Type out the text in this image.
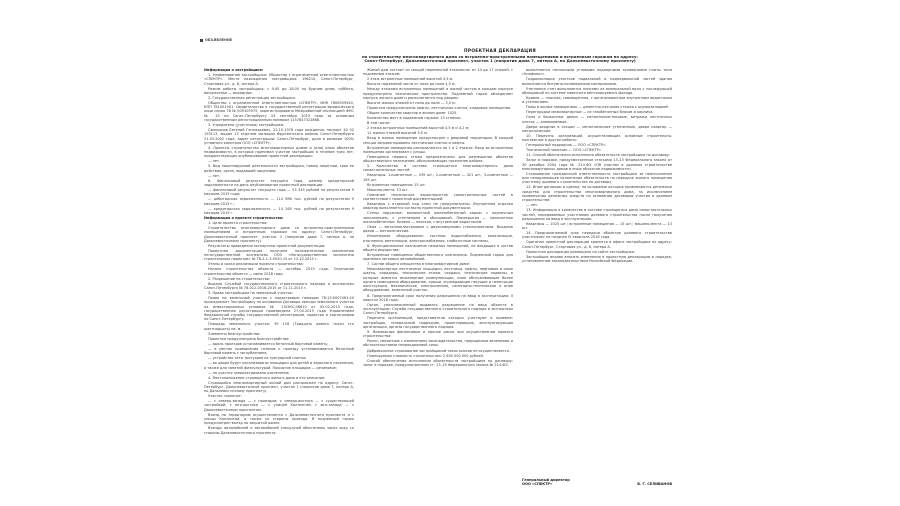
ОБЪЯВЛЕНИЕ
ПРОЕКТНАЯ ДЕКЛАРАЦИЯ
по строительству многоквартирного дома со встроенно-пристроенными помещениями и встроенным гаражом по адресу:
Санкт-Петербург, Дальневосточный проспект, участок 1 (напротив дома 7, литера А, по Дальневосточному проспекту)

Информация о застройщике:

1. Наименование застройщика: Общество с ограниченной ответственностью «СПЕКТР». Место нахождения застройщика: 196210, Санкт-Петербург, Стартовая ул., д. 8, литера А.

Режим работы застройщика: с 9.00 до 18.00 по будним дням, суббота, воскресенье — выходные.

2. Государственная регистрация застройщика.

Общество с ограниченной ответственностью «СПЕКТР», ИНН 7806559540, КПП 781001001. Свидетельство о государственной регистрации юридического лица серия 78 № 009103975, зарегистрировано Межрайонной инспекцией ФНС № 15 по Санкт-Петербургу 24 сентября 2015 года за основным государственным регистрационным номером 1157847322868.

3. Учредители (участники) застройщика:

Свиньянов Евгений Геннадьевич, 22.10.1976 года рождения, паспорт 40 02 193113, выдан 13 отделом милиции Фрунзенского района Санкт-Петербурга 21.03.2002 года, адрес регистрации: Санкт-Петербург, доля в размере 100% уставного капитала ООО «СПЕКТР».

4. Проекты строительства многоквартирных домов и (или) иных объектов недвижимости, в которых принимал участие застройщик в течение трех лет, предшествующих опубликованию проектной декларации:

— нет.

5. Вид лицензируемой деятельности застройщика, номер лицензии, срок ее действия, орган, выдавший лицензию:

— нет.

6. Финансовый результат текущего года, размер кредиторской задолженности на день опубликования проектной декларации:

— финансовый результат текущего года — 53 345 рублей по результатам 9 месяцев 2015 года;

— дебиторская задолженность — 114 986 тыс. рублей по результатам 9 месяцев 2015 г.;

— кредиторская задолженность — 14 265 тыс. рублей по результатам 9 месяцев 2015 г.

Информация о проекте строительства:

1. Цель проекта строительства:

Строительство многоквартирного дома со встроенно-пристроенными помещениями и встроенным гаражом по адресу: Санкт-Петербург, Дальневосточный проспект, участок 1 (напротив дома 7, литера А, по Дальневосточному проспекту).

Результаты проведения экспертизы проектной документации:

Проектная документация получила положительное заключение негосударственной экспертизы ООО «Негосударственная экспертиза строительных проектов» № 78-2-1-3-0020-15 от 12.10.2015 г.

Этапы и сроки реализации проекта строительства:

Начало строительства объекта — октябрь 2015 года. Окончание строительства объекта — июнь 2018 года.

2. Разрешение на строительство:

Выдано Службой государственного строительного надзора и экспертизы Санкт-Петербурга № 78-012-0516-2015 от 11.11.2015 г.

3. Права застройщика на земельный участок:

Право на земельный участок с кадастровым номером 78:13:0007461:20 принадлежит Застройщику на основании Договора аренды земельного участка на инвестиционных условиях № 15/ЗКС-08610 от 05.02.2015 года, государственная регистрация произведена 27.04.2015 года Управлением Федеральной службы государственной регистрации, кадастра и картографии по Санкт-Петербургу.

Площадь земельного участка: 39 116 (Тридцать девять тысяч сто шестнадцать) кв. м.

Элементы благоустройства:

Проектом предусмотрено благоустройство:

— вдоль проездов устанавливается бетонный бортовой камень;

— в местах примыкания газонов к проезду устанавливается бетонный бортовой камень с заглублением;

— устройство сети тротуаров из тротуарной плитки;

— во дворе будут организованы площадки для детей и взрослого населения, а также для занятий физкультурой. Покрытие площадок — резиновое;

— на участке запроектировано озеленение.

4. Местоположение строящегося жилого дома и его описание:

Строящийся многоквартирный жилой дом расположен по адресу: Санкт-Петербург, Дальневосточный проспект, участок 1 (напротив дома 7, литера А, по Дальневосточному проспекту).

Участок граничит:

— с северо-запада — с проездом; с северо-востока — с существующей застройкой; с юго-востока — с улицей Коллонтай; с юго-запада — с Дальневосточным проспектом.

Въезд на территорию осуществляется с Дальневосточного проспекта и с улицы Коллонтай, а также со стороны проезда. В подземный гараж предусмотрен въезд по закрытой рампе.

Въезды автомобилей и автомобилей спецслужб обеспечены через арку со стороны Дальневосточного проспекта.

Жилой дом состоит из секций переменной этажности: от 14 до 17 этажей, с подземным этажом.

2 этаж встроенных помещений высотой 4,5 м.

Высота подземной части от пола до пола 4,5 м.

Между этажами встроенных помещений и жилой частью в каждом корпусе предусмотрено техническое пространство. Подземный гараж объединяет корпуса жилого дома и располагается под двором.

Высота жилых этажей от пола до пола — 3,0 м.

Проектом предусмотрены лифты, лестничные клетки, кладовые помещения.

Общее количество квартир в жилом доме: 1025.

Количество мест в подземном гараже: 13 стоянок.

В том числе:

2 этажа встроенных помещений высотой 4,5 м и 4,2 м;

11 жилых этажей высотой 3,0 м.

Вход в жилые помещения предусмотрен с дворовой территории. В каждой секции запроектированы лестничные клетки и лифты.

Встроенные помещения располагаются на 1 и 2 этажах. Вход во встроенные помещения организован с улицы.

Помещения первого этажа предназначены для размещения объектов общественного назначения, обслуживающих население района.

5. Количество в составе строящегося многоквартирного дома самостоятельных частей:

Квартиры: 1-комнатные — 439 шт.; 2-комнатные — 421 шт.; 3-комнатные — 165 шт.

Встроенные помещения: 15 шт.

Машино-места: 13 шт.

Описание технических характеристик самостоятельных частей в соответствии с проектной документацией:

Квартиры с отделкой под ключ не предусмотрены. Внутренняя отделка квартир выполняется согласно проектной документации.

Стены наружные: монолитный железобетонный каркас с кирпичным заполнением, с утеплением и облицовкой. Перекрытия — монолитные железобетонные. Кровля — плоская, с внутренним водостоком.

Окна — металлопластиковые с двухкамерными стеклопакетами. Входные двери — металлические.

Инженерное оборудование: системы водоснабжения, канализации, отопления, вентиляции, электроснабжения, слаботочные системы.

6. Функциональное назначение нежилых помещений, не входящих в состав общего имущества:

Встроенные помещения общественного назначения. Подземный гараж для хранения легковых автомобилей.

7. Состав общего имущества в многоквартирном доме:

Межквартирные лестничные площадки, лестницы, лифты, лифтовые и иные шахты, коридоры, технические этажи, чердаки, технические подвалы, в которых имеются инженерные коммуникации, иное обслуживающее более одного помещения оборудование, крыши, ограждающие несущие и ненесущие конструкции, механическое, электрическое, санитарно-техническое и иное оборудование, земельный участок.

8. Предполагаемый срок получения разрешения на ввод в эксплуатацию: II квартал 2018 года.

Орган, уполномоченный выдавать разрешение на ввод объекта в эксплуатацию: Служба государственного строительного надзора и экспертизы Санкт-Петербурга.

Перечень организаций, представители которых участвуют в приемке: застройщик, генеральный подрядчик, проектировщик, эксплуатирующая организация, органы государственного надзора.

9. Возможные финансовые и прочие риски при осуществлении проекта строительства:

Риски, связанные с изменением законодательства, природными явлениями и обстоятельствами непреодолимой силы.

Добровольное страхование застройщиком таких рисков не осуществляется.

Планируемая стоимость строительства: 2 650 000 000 рублей.

Способ обеспечения исполнения обязательств застройщика по договору: залог в порядке, предусмотренном ст. 13–15 Федерального закона № 214-ФЗ.

выполняется натяжными угловыми подпорными основаниями плиты типа «Унифлекс».

Гидроизоляция участков подвальной и надподвальной частей здания выполняется битумно-полимерными материалами.

Утепление стен выполняется плитами из минеральной ваты с последующей облицовкой по системе навесного вентилируемого фасада.

Кровля — плоская, совмещенная, с организованным внутренним водостоком и утеплением.

Полы в жилых помещениях — цементно-песчаная стяжка с шумоизоляцией.

Перегородки межквартирные — из газобетонных блоков и кирпича.

Окна и балконные двери — металлопластиковые, витражи лестничных клеток — алюминиевые.

Двери входные в секции — металлические утепленные, двери квартир — металлические.

10. Перечень организаций, осуществляющих основные строительно-монтажные и другие работы:

Генеральный подрядчик — ООО «СПЕКТР».

Технический заказчик — ООО «СПЕКТР».

11. Способ обеспечения исполнения обязательств застройщика по договору:

Залог в порядке, предусмотренном статьями 13–15 Федерального закона от 30 декабря 2004 года № 214-ФЗ «Об участии в долевом строительстве многоквартирных домов и иных объектов недвижимости».

Страхование гражданской ответственности застройщика за неисполнение или ненадлежащее исполнение обязательств по передаче жилого помещения участнику долевого строительства по договору.

12. Иные договоры и сделки, на основании которых привлекаются денежные средства для строительства многоквартирного дома, за исключением привлечения денежных средств на основании договоров участия в долевом строительстве:

— нет.

13. Информация о количестве в составе строящегося дома самостоятельных частей, передаваемых участникам долевого строительства после получения разрешения на ввод в эксплуатацию:

Квартиры — 1025 шт.; встроенные помещения — 15 шт.; машино-места — 13 шт.

14. Предполагаемый срок передачи объектов долевого строительства участникам: не позднее IV квартала 2018 года.

Оригинал проектной декларации хранится в офисе застройщика по адресу: Санкт-Петербург, Стартовая ул., д. 8, литера А.

Проектная декларация размещена на сайте застройщика.

Застройщик вправе вносить изменения в проектную декларацию в порядке, установленном законодательством Российской Федерации.

Генеральный директор
ООО «СПЕКТР»	В. Г. СЕЛИВАНОВ
